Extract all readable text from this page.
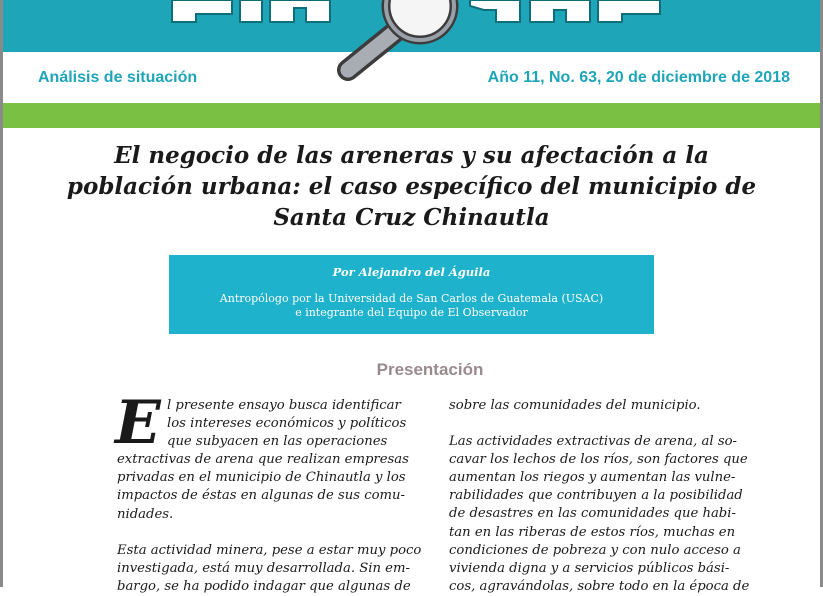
Análisis de situación	Año 11, No. 63, 20 de diciembre de 2018
El negocio de las areneras y su afectación a la
población urbana: el caso específico del municipio de
Santa Cruz Chinautla
Por Alejandro del Águila
Antropólogo por la Universidad de San Carlos de Guatemala (USAC)
e integrante del Equipo de El Observador
Presentación
E l presente ensayo busca identificar
los intereses económicos y políticos
que subyacen en las operaciones
extractivas de arena que realizan empresas
privadas en el municipio de Chinautla y los
impactos de éstas en algunas de sus comu-
nidades.
Esta actividad minera, pese a estar muy poco
investigada, está muy desarrollada. Sin em-
bargo, se ha podido indagar que algunas de
sobre las comunidades del municipio.
Las actividades extractivas de arena, al so-
cavar los lechos de los ríos, son factores que
aumentan los riegos y aumentan las vulne-
rabilidades que contribuyen a la posibilidad
de desastres en las comunidades que habi-
tan en las riberas de estos ríos, muchas en
condiciones de pobreza y con nulo acceso a
vivienda digna y a servicios públicos bási-
cos, agravándolas, sobre todo en la época de
